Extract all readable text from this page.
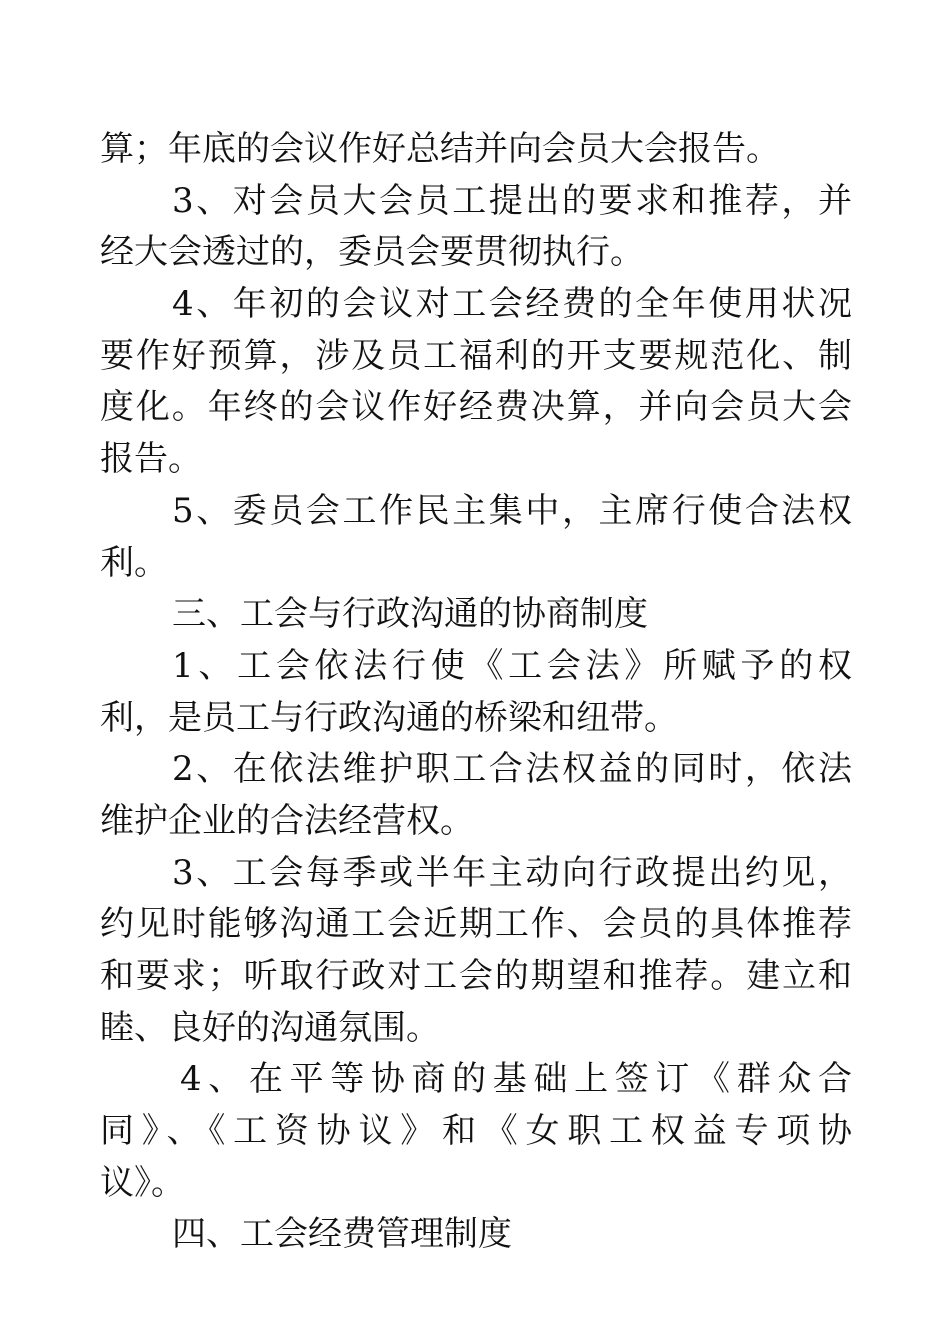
算；年底的会议作好总结并向会员大会报告。
3、对会员大会员工提出的要求和推荐，并
经大会透过的，委员会要贯彻执行。
4、年初的会议对工会经费的全年使用状况
要作好预算，涉及员工福利的开支要规范化、制
度化。年终的会议作好经费决算，并向会员大会
报告。
5、委员会工作民主集中，主席行使合法权
利。
三、工会与行政沟通的协商制度
1、工会依法行使《工会法》所赋予的权
利，是员工与行政沟通的桥梁和纽带。
2、在依法维护职工合法权益的同时，依法
维护企业的合法经营权。
3、工会每季或半年主动向行政提出约见，
约见时能够沟通工会近期工作、会员的具体推荐
和要求；听取行政对工会的期望和推荐。建立和
睦、良好的沟通氛围。
4、在平等协商的基础上签订《群众合
同》、《工资协议》和《女职工权益专项协
议》。
四、工会经费管理制度
